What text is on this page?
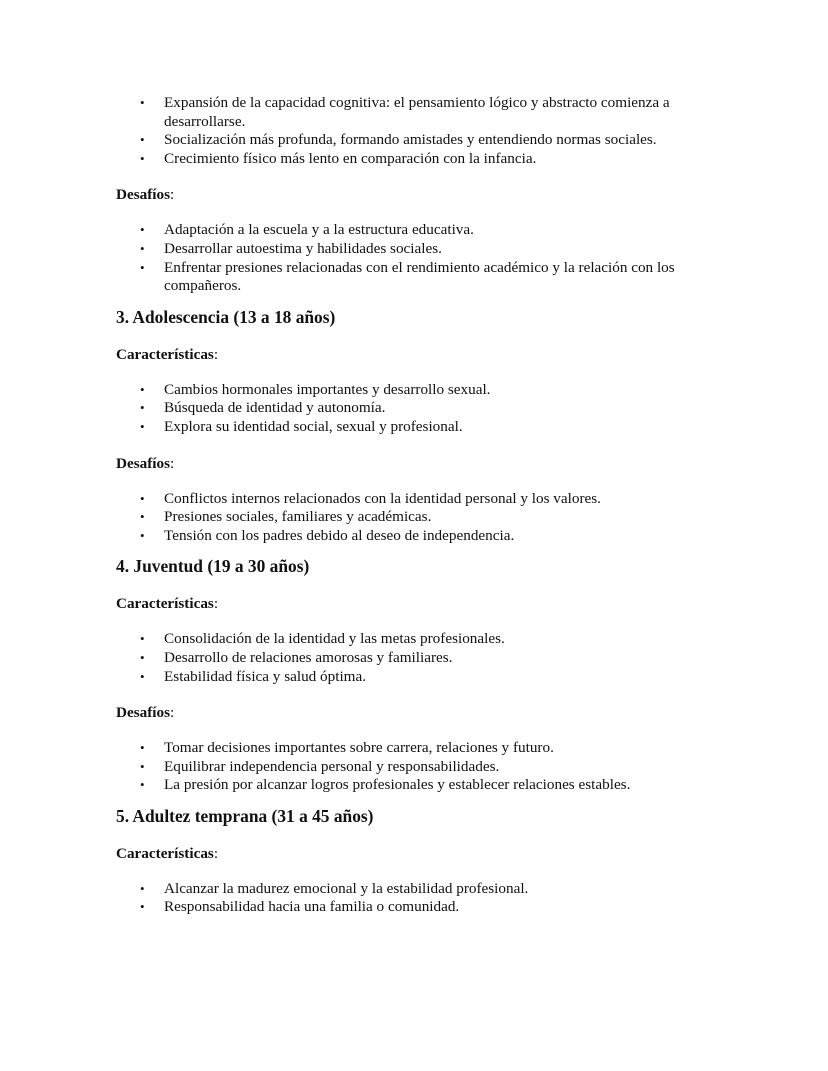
• Expansión de la capacidad cognitiva: el pensamiento lógico y abstracto comienza a desarrollarse.
• Socialización más profunda, formando amistades y entendiendo normas sociales.
• Crecimiento físico más lento en comparación con la infancia.

Desafíos:

• Adaptación a la escuela y a la estructura educativa.
• Desarrollar autoestima y habilidades sociales.
• Enfrentar presiones relacionadas con el rendimiento académico y la relación con los compañeros.
3. Adolescencia (13 a 18 años)

Características:

• Cambios hormonales importantes y desarrollo sexual.
• Búsqueda de identidad y autonomía.
• Explora su identidad social, sexual y profesional.

Desafíos:

• Conflictos internos relacionados con la identidad personal y los valores.
• Presiones sociales, familiares y académicas.
• Tensión con los padres debido al deseo de independencia.
4. Juventud (19 a 30 años)

Características:

• Consolidación de la identidad y las metas profesionales.
• Desarrollo de relaciones amorosas y familiares.
• Estabilidad física y salud óptima.

Desafíos:

• Tomar decisiones importantes sobre carrera, relaciones y futuro.
• Equilibrar independencia personal y responsabilidades.
• La presión por alcanzar logros profesionales y establecer relaciones estables.
5. Adultez temprana (31 a 45 años)

Características:

• Alcanzar la madurez emocional y la estabilidad profesional.
• Responsabilidad hacia una familia o comunidad.
